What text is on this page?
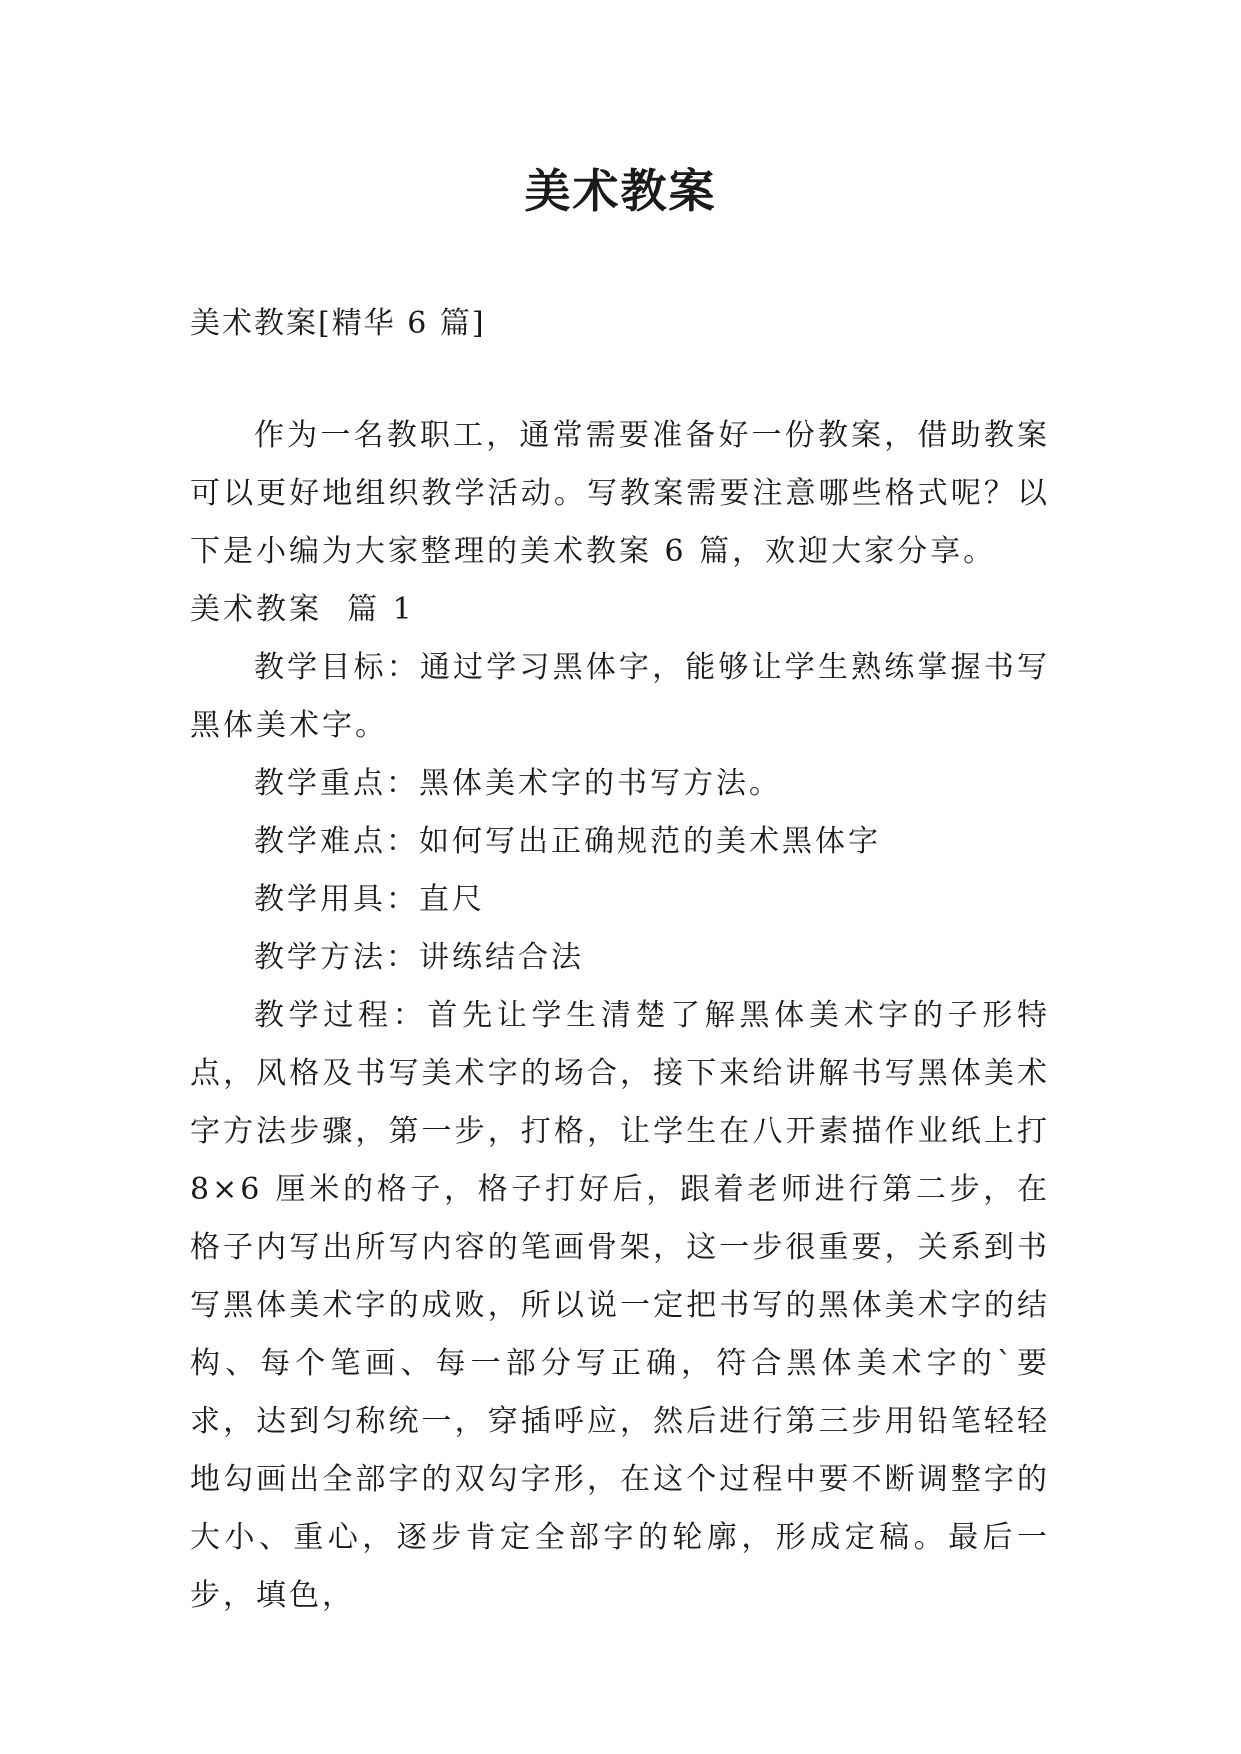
美术教案
美术教案[精华 6 篇]

作为一名教职工，通常需要准备好一份教案，借助教案可以更好地组织教学活动。写教案需要注意哪些格式呢？以下是小编为大家整理的美术教案 6 篇，欢迎大家分享。

美术教案  篇 1

教学目标：通过学习黑体字，能够让学生熟练掌握书写黑体美术字。

教学重点：黑体美术字的书写方法。

教学难点：如何写出正确规范的美术黑体字

教学用具：直尺

教学方法：讲练结合法

教学过程：首先让学生清楚了解黑体美术字的子形特点，风格及书写美术字的场合，接下来给讲解书写黑体美术字方法步骤，第一步，打格，让学生在八开素描作业纸上打 8×6 厘米的格子，格子打好后，跟着老师进行第二步，在格子内写出所写内容的笔画骨架，这一步很重要，关系到书写黑体美术字的成败，所以说一定把书写的黑体美术字的结构、每个笔画、每一部分写正确，符合黑体美术字的`要求，达到匀称统一，穿插呼应，然后进行第三步用铅笔轻轻地勾画出全部字的双勾字形，在这个过程中要不断调整字的大小、重心，逐步肯定全部字的轮廓，形成定稿。最后一步，填色，
